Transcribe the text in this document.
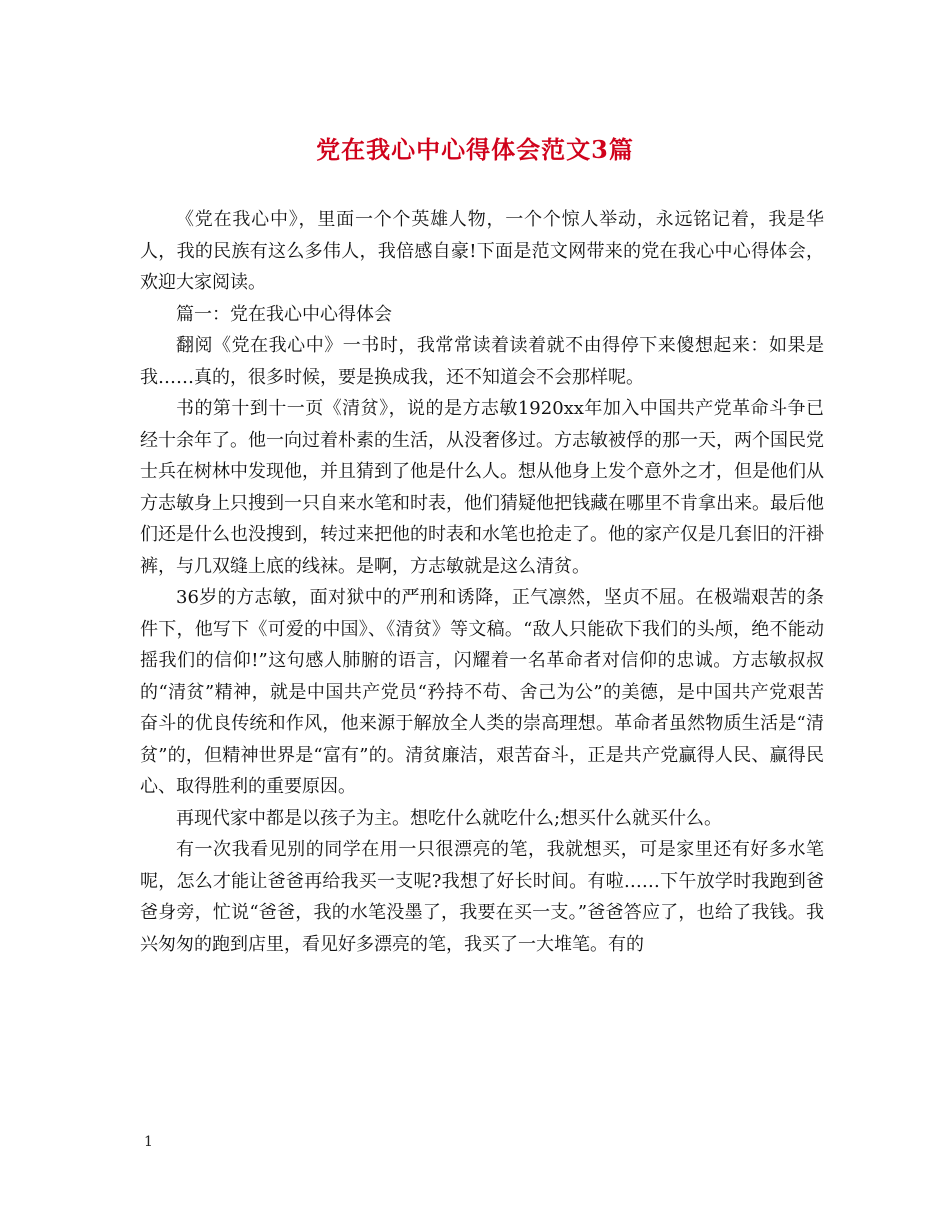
党在我心中心得体会范文3篇

《党在我心中》，里面一个个英雄人物，一个个惊人举动，永远铭记着，我是华人，我的民族有这么多伟人，我倍感自豪!下面是范文网带来的党在我心中心得体会，欢迎大家阅读。

篇一：党在我心中心得体会

翻阅《党在我心中》一书时，我常常读着读着就不由得停下来傻想起来：如果是我……真的，很多时候，要是换成我，还不知道会不会那样呢。

书的第十到十一页《清贫》，说的是方志敏1920xx年加入中国共产党革命斗争已经十余年了。他一向过着朴素的生活，从没奢侈过。方志敏被俘的那一天，两个国民党士兵在树林中发现他，并且猜到了他是什么人。想从他身上发个意外之才，但是他们从方志敏身上只搜到一只自来水笔和时表，他们猜疑他把钱藏在哪里不肯拿出来。最后他们还是什么也没搜到，转过来把他的时表和水笔也抢走了。他的家产仅是几套旧的汗褂裤，与几双缝上底的线袜。是啊，方志敏就是这么清贫。

36岁的方志敏，面对狱中的严刑和诱降，正气凛然，坚贞不屈。在极端艰苦的条件下，他写下《可爱的中国》、《清贫》等文稿。“敌人只能砍下我们的头颅，绝不能动摇我们的信仰!”这句感人肺腑的语言，闪耀着一名革命者对信仰的忠诚。方志敏叔叔的“清贫”精神，就是中国共产党员“矜持不苟、舍己为公”的美德，是中国共产党艰苦奋斗的优良传统和作风，他来源于解放全人类的崇高理想。革命者虽然物质生活是“清贫”的，但精神世界是“富有”的。清贫廉洁，艰苦奋斗，正是共产党赢得人民、赢得民心、取得胜利的重要原因。

再现代家中都是以孩子为主。想吃什么就吃什么;想买什么就买什么。

有一次我看见别的同学在用一只很漂亮的笔，我就想买，可是家里还有好多水笔呢，怎么才能让爸爸再给我买一支呢?我想了好长时间。有啦……下午放学时我跑到爸爸身旁，忙说“爸爸，我的水笔没墨了，我要在买一支。”爸爸答应了，也给了我钱。我兴匆匆的跑到店里，看见好多漂亮的笔，我买了一大堆笔。有的

1
